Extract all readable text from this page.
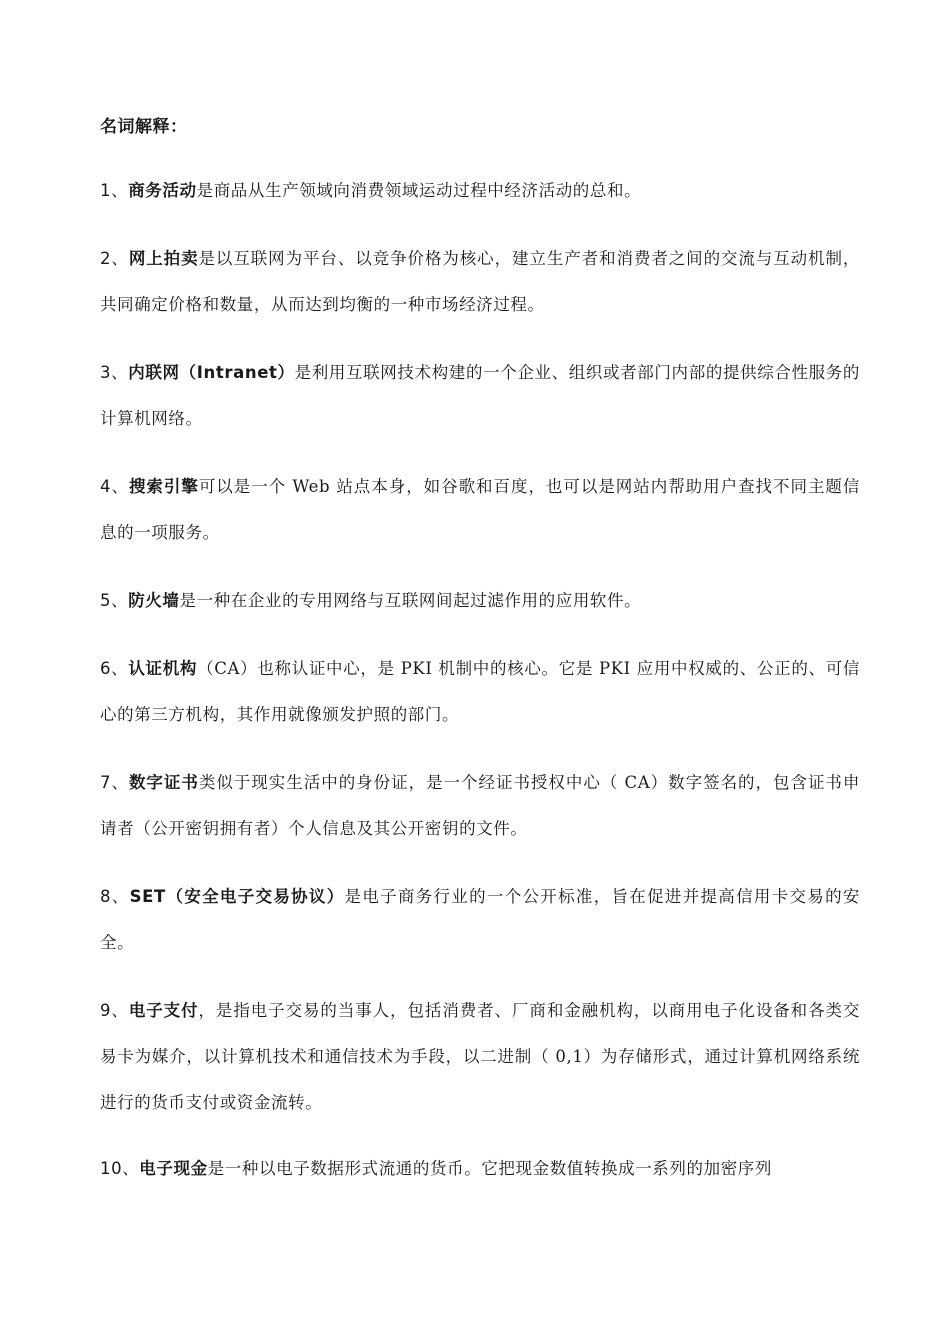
名词解释：
1、商务活动是商品从生产领域向消费领域运动过程中经济活动的总和。
2、网上拍卖是以互联网为平台、以竞争价格为核心，建立生产者和消费者之间的交流与互动机制，共同确定价格和数量，从而达到均衡的一种市场经济过程。
3、内联网（Intranet）是利用互联网技术构建的一个企业、组织或者部门内部的提供综合性服务的计算机网络。
4、搜索引擎可以是一个 Web 站点本身，如谷歌和百度，也可以是网站内帮助用户查找不同主题信息的一项服务。
5、防火墙是一种在企业的专用网络与互联网间起过滤作用的应用软件。
6、认证机构（CA）也称认证中心，是 PKI 机制中的核心。它是 PKI 应用中权威的、公正的、可信心的第三方机构，其作用就像颁发护照的部门。
7、数字证书类似于现实生活中的身份证，是一个经证书授权中心（ CA）数字签名的，包含证书申请者（公开密钥拥有者）个人信息及其公开密钥的文件。
8、SET（安全电子交易协议）是电子商务行业的一个公开标准，旨在促进并提高信用卡交易的安全。
9、电子支付，是指电子交易的当事人，包括消费者、厂商和金融机构，以商用电子化设备和各类交易卡为媒介，以计算机技术和通信技术为手段，以二进制（ 0,1）为存储形式，通过计算机网络系统进行的货币支付或资金流转。
10、电子现金是一种以电子数据形式流通的货币。它把现金数值转换成一系列的加密序列
